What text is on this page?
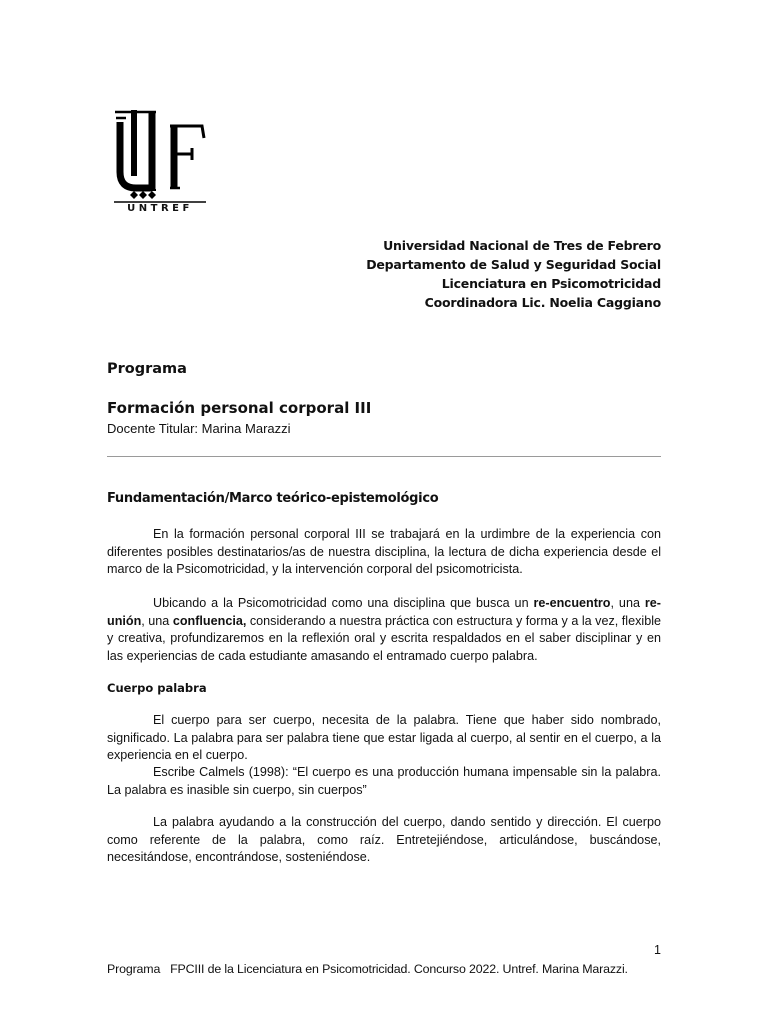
UNTREF
Universidad Nacional de Tres de Febrero
Departamento de Salud y Seguridad Social
Licenciatura en Psicomotricidad
Coordinadora Lic. Noelia Caggiano
Programa
Formación personal corporal III
Docente Titular: Marina Marazzi
Fundamentación/Marco teórico-epistemológico
En la formación personal corporal III se trabajará en la urdimbre de la experiencia con diferentes posibles destinatarios/as de nuestra disciplina, la lectura de dicha experiencia desde el marco de la Psicomotricidad, y la intervención corporal del psicomotricista.
Ubicando a la Psicomotricidad como una disciplina que busca un re-encuentro, una re-unión, una confluencia, considerando a nuestra práctica con estructura y forma y a la vez, flexible y creativa, profundizaremos en la reflexión oral y escrita respaldados en el saber disciplinar y en las experiencias de cada estudiante amasando el entramado cuerpo palabra.
Cuerpo palabra
El cuerpo para ser cuerpo, necesita de la palabra. Tiene que haber sido nombrado, significado. La palabra para ser palabra tiene que estar ligada al cuerpo, al sentir en el cuerpo, a la experiencia en el cuerpo.
Escribe Calmels (1998): “El cuerpo es una producción humana impensable sin la palabra. La palabra es inasible sin cuerpo, sin cuerpos”
La palabra ayudando a la construcción del cuerpo, dando sentido y dirección. El cuerpo como referente de la palabra, como raíz. Entretejiéndose, articulándose, buscándose, necesitándose, encontrándose, sosteniéndose.
1
Programa   FPCIII de la Licenciatura en Psicomotricidad. Concurso 2022. Untref. Marina Marazzi.
